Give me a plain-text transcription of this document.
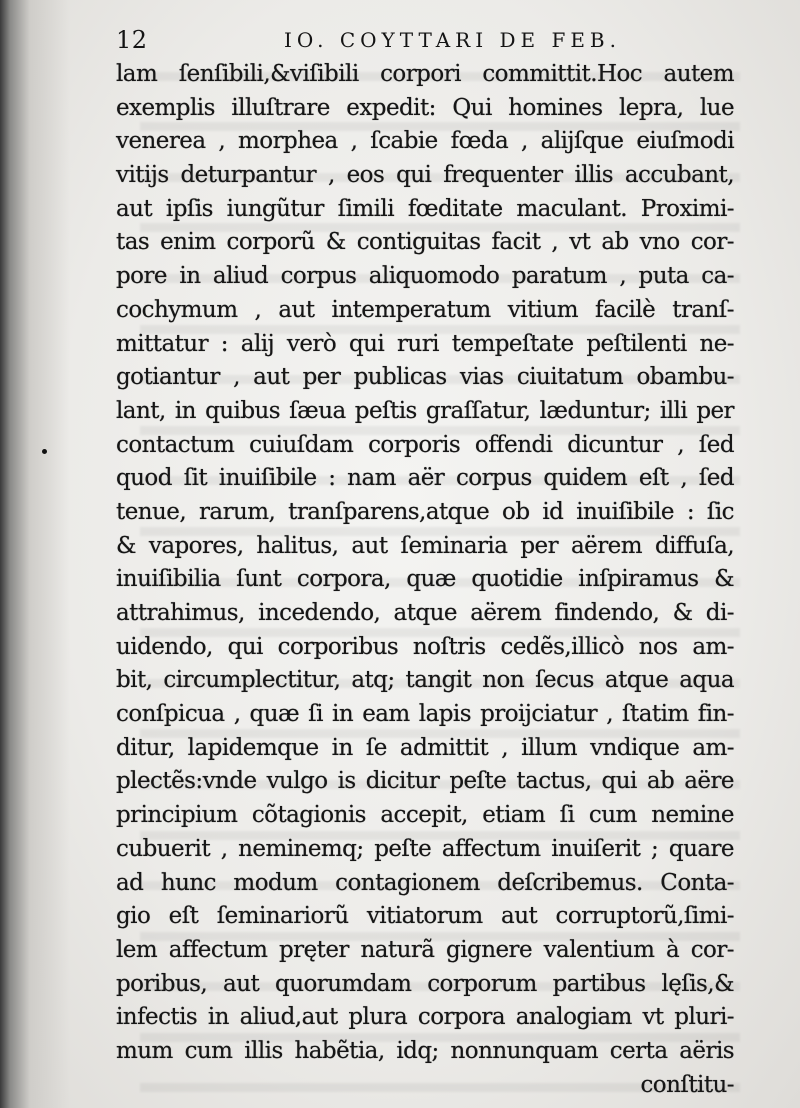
12	IO. COYTTARI DE FEB.
lam ſenſibili,&viſibili corpori committit.Hoc autem
exemplis illuſtrare expedit: Qui homines lepra, lue
venerea , morphea , ſcabie fœda , alijſque eiuſmodi
vitijs deturpantur , eos qui frequenter illis accubant,
aut ipſis iungũtur ſimili fœditate maculant. Proximi-
tas enim corporũ & contiguitas facit , vt ab vno cor-
pore in aliud corpus aliquomodo paratum , puta ca-
cochymum , aut intemperatum vitium facilè tranſ-
mittatur : alij verò qui ruri tempeſtate peſtilenti ne-
gotiantur , aut per publicas vias ciuitatum obambu-
lant, in quibus ſæua peſtis graſſatur, læduntur; illi per
contactum cuiuſdam corporis offendi dicuntur , ſed
quod ſit inuiſibile : nam aër corpus quidem eſt , ſed
tenue, rarum, tranſparens,atque ob id inuiſibile : ſic
& vapores, halitus, aut ſeminaria per aërem diffuſa,
inuiſibilia ſunt corpora, quæ quotidie inſpiramus &
attrahimus, incedendo, atque aërem findendo, & di-
uidendo, qui corporibus noſtris cedẽs,illicò nos am-
bit, circumplectitur, atq; tangit non ſecus atque aqua
conſpicua , quæ ſi in eam lapis proijciatur , ſtatim fin-
ditur, lapidemque in ſe admittit , illum vndique am-
plectẽs:vnde vulgo is dicitur peſte tactus, qui ab aëre
principium cõtagionis accepit, etiam ſi cum nemine
cubuerit , neminemq; peſte affectum inuiſerit ; quare
ad hunc modum contagionem deſcribemus. Conta-
gio eſt ſeminariorũ vitiatorum aut corruptorũ,ſimi-
lem affectum pręter naturã gignere valentium à cor-
poribus, aut quorumdam corporum partibus lęſis,&
infectis in aliud,aut plura corpora analogiam vt pluri-
mum cum illis habẽtia, idq; nonnunquam certa aëris
conſtitu-
